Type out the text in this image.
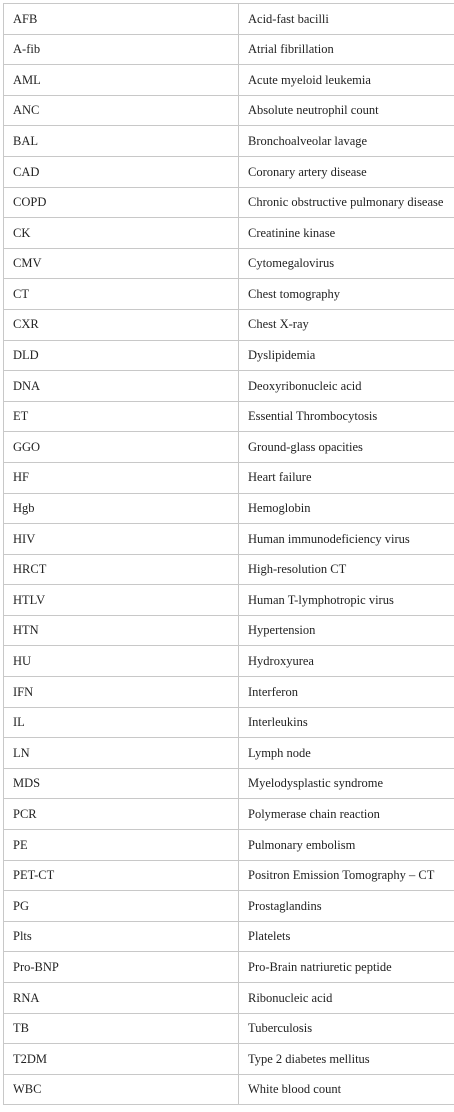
AFB	Acid-fast bacilli
A-fib	Atrial fibrillation
AML	Acute myeloid leukemia
ANC	Absolute neutrophil count
BAL	Bronchoalveolar lavage
CAD	Coronary artery disease
COPD	Chronic obstructive pulmonary disease
CK	Creatinine kinase
CMV	Cytomegalovirus
CT	Chest tomography
CXR	Chest X-ray
DLD	Dyslipidemia
DNA	Deoxyribonucleic acid
ET	Essential Thrombocytosis
GGO	Ground-glass opacities
HF	Heart failure
Hgb	Hemoglobin
HIV	Human immunodeficiency virus
HRCT	High-resolution CT
HTLV	Human T-lymphotropic virus
HTN	Hypertension
HU	Hydroxyurea
IFN	Interferon
IL	Interleukins
LN	Lymph node
MDS	Myelodysplastic syndrome
PCR	Polymerase chain reaction
PE	Pulmonary embolism
PET-CT	Positron Emission Tomography – CT
PG	Prostaglandins
Plts	Platelets
Pro-BNP	Pro-Brain natriuretic peptide
RNA	Ribonucleic acid
TB	Tuberculosis
T2DM	Type 2 diabetes mellitus
WBC	White blood count
